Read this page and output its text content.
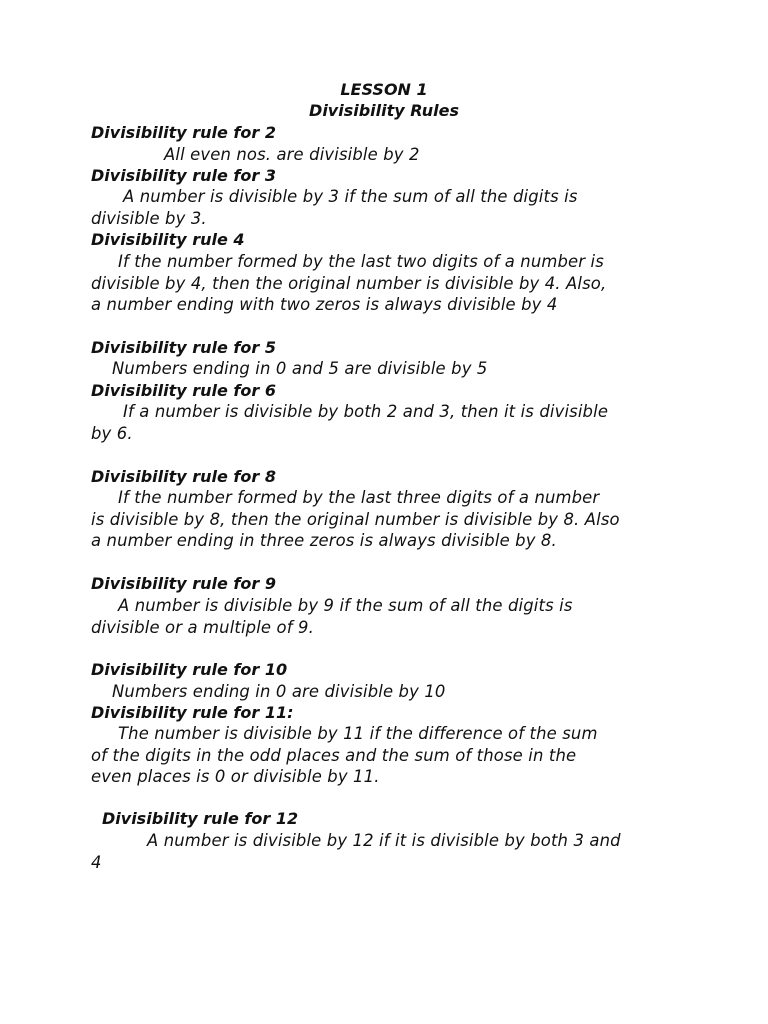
LESSON 1
Divisibility Rules
Divisibility rule for 2
All even nos. are divisible by 2
Divisibility rule for 3
A number is divisible by 3 if the sum of all the digits is
divisible by 3.
Divisibility rule 4
If the number formed by the last two digits of a number is
divisible by 4, then the original number is divisible by 4. Also,
a number ending with two zeros is always divisible by 4
Divisibility rule for 5
Numbers ending in 0 and 5 are divisible by 5
Divisibility rule for 6
If a number is divisible by both 2 and 3, then it is divisible
by 6.
Divisibility rule for 8
If the number formed by the last three digits of a number
is divisible by 8, then the original number is divisible by 8. Also
a number ending in three zeros is always divisible by 8.
Divisibility rule for 9
A number is divisible by 9 if the sum of all the digits is
divisible or a multiple of 9.
Divisibility rule for 10
Numbers ending in 0 are divisible by 10
Divisibility rule for 11:
The number is divisible by 11 if the difference of the sum
of the digits in the odd places and the sum of those in the
even places is 0 or divisible by 11.
Divisibility rule for 12
A number is divisible by 12 if it is divisible by both 3 and
4
